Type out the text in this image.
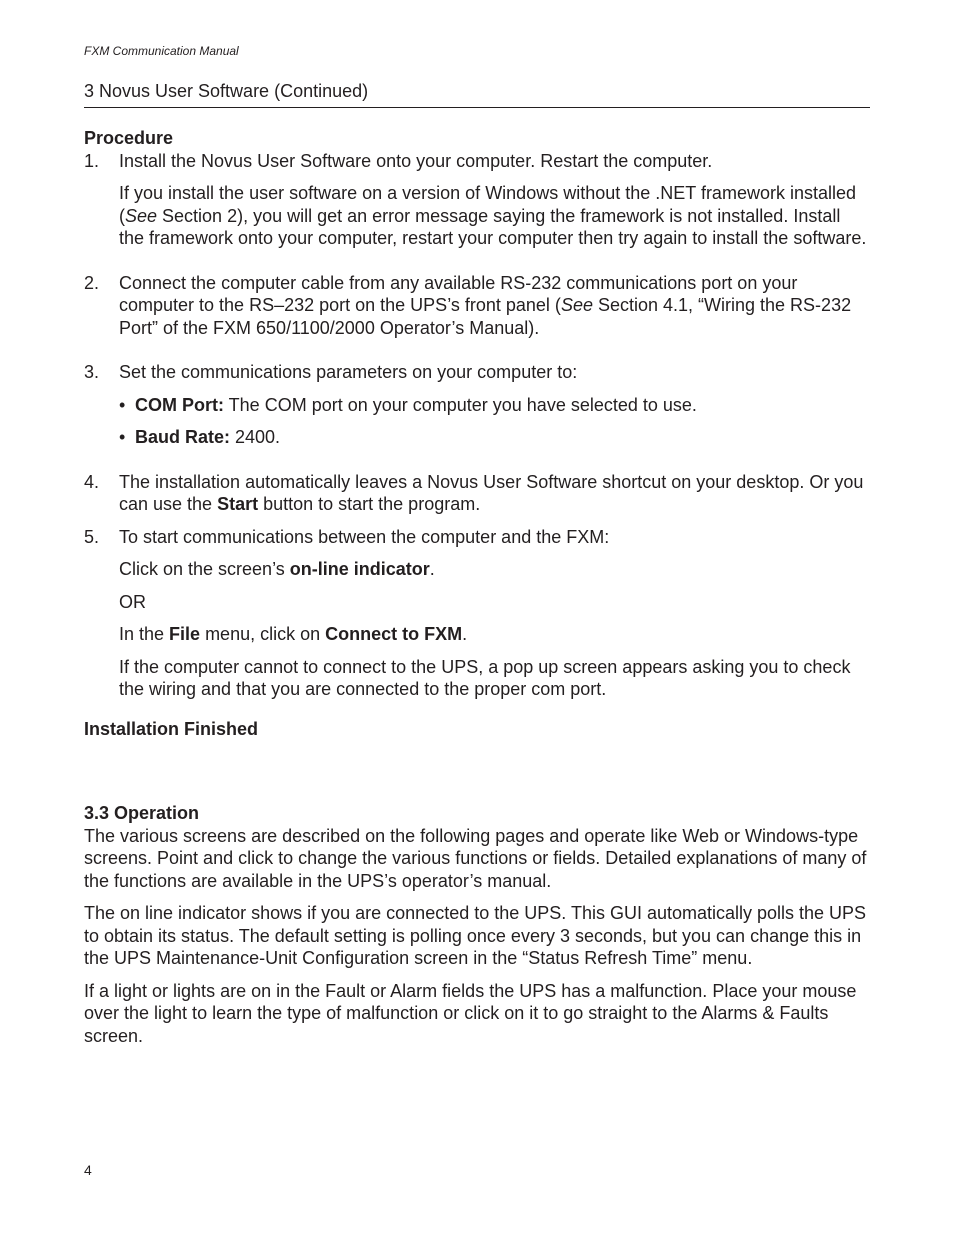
FXM Communication Manual
3 Novus User Software (Continued)

Procedure

1. Install the Novus User Software onto your computer. Restart the computer.

If you install the user software on a version of Windows without the .NET framework installed (See Section 2), you will get an error message saying the framework is not installed. Install the framework onto your computer, restart your computer then try again to install the software.

2. Connect the computer cable from any available RS-232 communications port on your computer to the RS–232 port on the UPS’s front panel (See Section 4.1, “Wiring the RS-232 Port” of the FXM 650/1100/2000 Operator’s Manual).

3. Set the communications parameters on your computer to:

• COM Port: The COM port on your computer you have selected to use.

• Baud Rate: 2400.

4. The installation automatically leaves a Novus User Software shortcut on your desktop. Or you can use the Start button to start the program.

5. To start communications between the computer and the FXM:

Click on the screen’s on-line indicator.

OR

In the File menu, click on Connect to FXM.

If the computer cannot to connect to the UPS, a pop up screen appears asking you to check the wiring and that you are connected to the proper com port.

Installation Finished

3.3 Operation

The various screens are described on the following pages and operate like Web or Windows-type screens. Point and click to change the various functions or fields. Detailed explanations of many of the functions are available in the UPS’s operator’s manual.

The on line indicator shows if you are connected to the UPS. This GUI automatically polls the UPS to obtain its status. The default setting is polling once every 3 seconds, but you can change this in the UPS Maintenance-Unit Configuration screen in the “Status Refresh Time” menu.

If a light or lights are on in the Fault or Alarm fields the UPS has a malfunction. Place your mouse over the light to learn the type of malfunction or click on it to go straight to the Alarms & Faults screen.

4
